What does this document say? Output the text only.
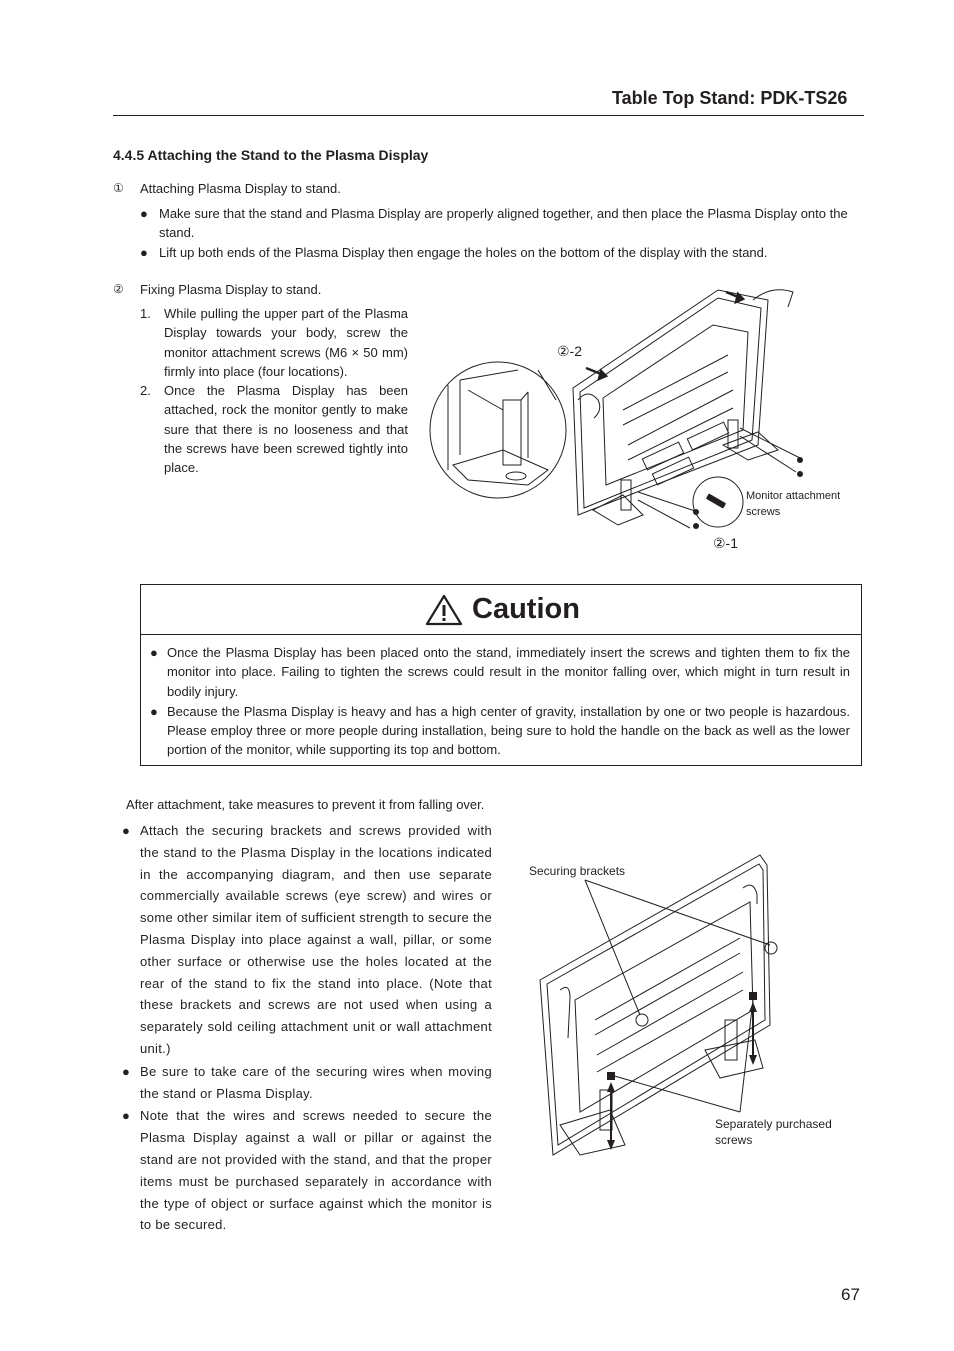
Table Top Stand: PDK-TS26
4.4.5 Attaching the Stand to the Plasma Display
① Attaching Plasma Display to stand.
● Make sure that the stand and Plasma Display are properly aligned together, and then place the Plasma Display onto the stand.
● Lift up both ends of the Plasma Display then engage the holes on the bottom of the display with the stand.
② Fixing Plasma Display to stand.
1. While pulling the upper part of the Plasma Display towards your body, screw the monitor attachment screws (M6 × 50 mm) firmly into place (four locations).
2. Once the Plasma Display has been attached, rock the monitor gently to make sure that there is no looseness and that the screws have been screwed tightly into place.
②-2
②-1
Monitor attachment
screws
Caution
● Once the Plasma Display has been placed onto the stand, immediately insert the screws and tighten them to fix the monitor into place. Failing to tighten the screws could result in the monitor falling over, which might in turn result in bodily injury.
● Because the Plasma Display is heavy and has a high center of gravity, installation by one or two people is hazardous. Please employ three or more people during installation, being sure to hold the handle on the back as well as the lower portion of the monitor, while supporting its top and bottom.
After attachment, take measures to prevent it from falling over.
● Attach the securing brackets and screws provided with the stand to the Plasma Display in the locations indicated in the accompanying diagram, and then use separate commercially available screws (eye screw) and wires or some other similar item of sufficient strength to secure the Plasma Display into place against a wall, pillar, or some other surface or otherwise use the holes located at the rear of the stand to fix the stand into place. (Note that these brackets and screws are not used when using a separately sold ceiling attachment unit or wall attachment unit.)
● Be sure to take care of the securing wires when moving the stand or Plasma Display.
● Note that the wires and screws needed to secure the Plasma Display against a wall or pillar or against the stand are not provided with the stand, and that the proper items must be purchased separately in accordance with the type of object or surface against which the monitor is to be secured.
Securing brackets
Separately purchased
screws
67
